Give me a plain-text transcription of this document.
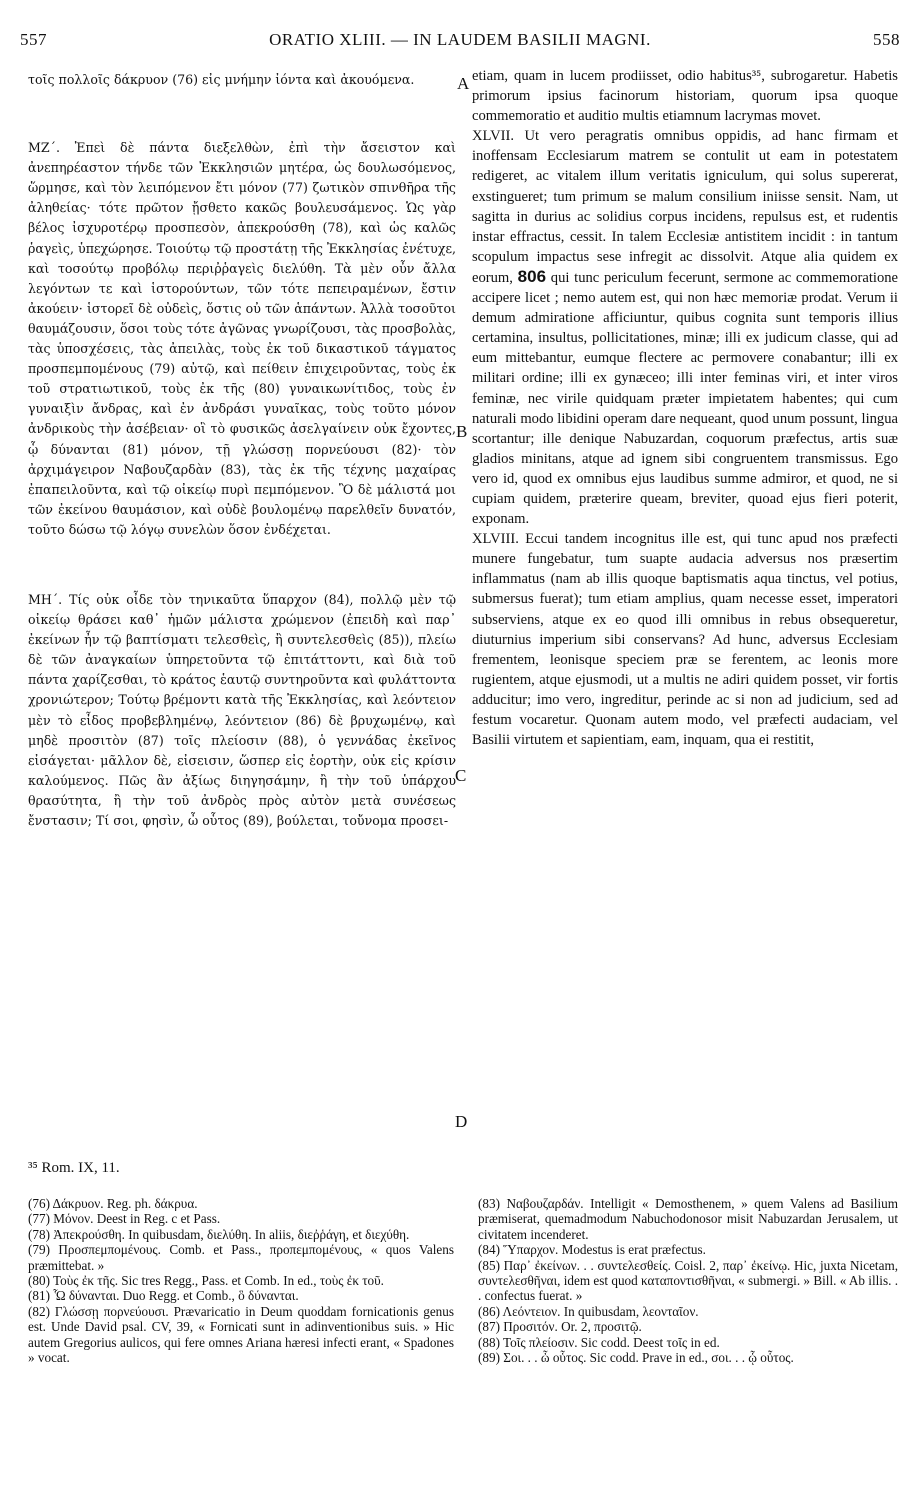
557	ORATIO XLIII. — IN LAUDEM BASILII MAGNI.	558
A
B
C
D

τοῖς πολλοῖς δάκρυον (76) εἰς μνήμην ἰόντα καὶ ἀκουόμενα.

ΜΖ΄. Ἐπεὶ δὲ πάντα διεξελθὼν, ἐπὶ τὴν ἄσειστον καὶ ἀνεπηρέαστον τήνδε τῶν Ἐκκλησιῶν μητέρα, ὡς δουλωσόμενος, ὥρμησε, καὶ τὸν λειπόμενον ἔτι μόνον (77) ζωτικὸν σπινθῆρα τῆς ἀληθείας· τότε πρῶτον ᾔσθετο κακῶς βουλευσάμενος. Ὡς γὰρ βέλος ἰσχυροτέρῳ προσπεσὸν, ἀπεκρούσθη (78), καὶ ὡς καλῶς ῥαγεὶς, ὑπεχώρησε. Τοιούτῳ τῷ προστάτῃ τῆς Ἐκκλησίας ἐνέτυχε, καὶ τοσούτῳ προβόλῳ περιῤῥαγεὶς διελύθη. Τὰ μὲν οὖν ἄλλα λεγόντων τε καὶ ἱστορούντων, τῶν τότε πεπειραμένων, ἔστιν ἀκούειν· ἱστορεῖ δὲ οὐδεὶς, ὅστις οὐ τῶν ἁπάντων. Ἀλλὰ τοσοῦτοι θαυμάζουσιν, ὅσοι τοὺς τότε ἀγῶνας γνωρίζουσι, τὰς προσβολὰς, τὰς ὑποσχέσεις, τὰς ἀπειλὰς, τοὺς ἐκ τοῦ δικαστικοῦ τάγματος προσπεμπομένους (79) αὐτῷ, καὶ πείθειν ἐπιχειροῦντας, τοὺς ἐκ τοῦ στρατιωτικοῦ, τοὺς ἐκ τῆς (80) γυναικωνίτιδος, τοὺς ἐν γυναιξὶν ἄνδρας, καὶ ἐν ἀνδράσι γυναῖκας, τοὺς τοῦτο μόνον ἀνδρικοὺς τὴν ἀσέβειαν· οἳ τὸ φυσικῶς ἀσελγαίνειν οὐκ ἔχοντες, ᾧ δύνανται (81) μόνον, τῇ γλώσσῃ πορνεύουσι (82)· τὸν ἀρχιμάγειρον Ναβουζαρδὰν (83), τὰς ἐκ τῆς τέχνης μαχαίρας ἐπαπειλοῦντα, καὶ τῷ οἰκείῳ πυρὶ πεμπόμενον. Ὃ δὲ μάλιστά μοι τῶν ἐκείνου θαυμάσιον, καὶ οὐδὲ βουλομένῳ παρελθεῖν δυνατόν, τοῦτο δώσω τῷ λόγῳ συνελὼν ὅσον ἐνδέχεται.

ΜΗ΄. Τίς οὐκ οἶδε τὸν τηνικαῦτα ὕπαρχον (84), πολλῷ μὲν τῷ οἰκείῳ θράσει καθ᾽ ἡμῶν μάλιστα χρώμενον (ἐπειδὴ καὶ παρ᾽ ἐκείνων ἦν τῷ βαπτίσματι τελεσθεὶς, ἢ συντελεσθεὶς (85)), πλείω δὲ τῶν ἀναγκαίων ὑπηρετοῦντα τῷ ἐπιτάττοντι, καὶ διὰ τοῦ πάντα χαρίζεσθαι, τὸ κράτος ἑαυτῷ συντηροῦντα καὶ φυλάττοντα χρονιώτερον; Τούτῳ βρέμοντι κατὰ τῆς Ἐκκλησίας, καὶ λεόντειον μὲν τὸ εἶδος προβεβλημένῳ, λεόντειον (86) δὲ βρυχωμένῳ, καὶ μηδὲ προσιτὸν (87) τοῖς πλείοσιν (88), ὁ γεννάδας ἐκεῖνος εἰσάγεται· μᾶλλον δὲ, εἰσεισιν, ὥσπερ εἰς ἑορτὴν, οὐκ εἰς κρίσιν καλούμενος. Πῶς ἂν ἀξίως διηγησάμην, ἢ τὴν τοῦ ὑπάρχου θρασύτητα, ἢ τὴν τοῦ ἀνδρὸς πρὸς αὐτὸν μετὰ συνέσεως ἔνστασιν; Τί σοι, φησὶν, ὦ οὗτος (89), βούλεται, τοὔνομα προσει-

etiam, quam in lucem prodiisset, odio habitus³⁵, subrogaretur. Habetis primorum ipsius facinorum historiam, quorum ipsa quoque commemoratio et auditio multis etiamnum lacrymas movet.

XLVII. Ut vero peragratis omnibus oppidis, ad hanc firmam et inoffensam Ecclesiarum matrem se contulit ut eam in potestatem redigeret, ac vitalem illum veritatis igniculum, qui solus supererat, exstingueret; tum primum se malum consilium iniisse sensit. Nam, ut sagitta in durius ac solidius corpus incidens, repulsus est, et rudentis instar effractus, cessit. In talem Ecclesiæ antistitem incidit : in tantum scopulum impactus sese infregit ac dissolvit. Atque alia quidem ex eorum, 806 qui tunc periculum fecerunt, sermone ac commemoratione accipere licet ; nemo autem est, qui non hæc memoriæ prodat. Verum ii demum admiratione afficiuntur, quibus cognita sunt temporis illius certamina, insultus, pollicitationes, minæ; illi ex judicum classe, qui ad eum mittebantur, eumque flectere ac permovere conabantur; illi ex militari ordine; illi ex gynæceo; illi inter feminas viri, et inter viros feminæ, nec virile quidquam præter impietatem habentes; qui cum naturali modo libidini operam dare nequeant, quod unum possunt, lingua scortantur; ille denique Nabuzardan, coquorum præfectus, artis suæ gladios minitans, atque ad ignem sibi congruentem transmissus. Ego vero id, quod ex omnibus ejus laudibus summe admiror, et quod, ne si cupiam quidem, præterire queam, breviter, quoad ejus fieri poterit, exponam.

XLVIII. Eccui tandem incognitus ille est, qui tunc apud nos præfecti munere fungebatur, tum suapte audacia adversus nos præsertim inflammatus (nam ab illis quoque baptismatis aqua tinctus, vel potius, submersus fuerat); tum etiam amplius, quam necesse esset, imperatori subserviens, atque ex eo quod illi omnibus in rebus obsequeretur, diuturnius imperium sibi conservans? Ad hunc, adversus Ecclesiam frementem, leonisque speciem præ se ferentem, ac leonis more rugientem, atque ejusmodi, ut a multis ne adiri quidem posset, vir fortis adducitur; imo vero, ingreditur, perinde ac si non ad judicium, sed ad festum vocaretur. Quonam autem modo, vel præfecti audaciam, vel Basilii virtutem et sapientiam, eam, inquam, qua ei restitit,

³⁵ Rom. IX, 11.

(76) Δάκρυον. Reg. ph. δάκρυα.

(77) Μόνον. Deest in Reg. c et Pass.

(78) Ἀπεκρούσθη. In quibusdam, διελύθη. In aliis, διεῤῥάγη, et διεχύθη.

(79) Προσπεμπομένους. Comb. et Pass., προπεμπομένους, « quos Valens præmittebat. »

(80) Τοὺς ἐκ τῆς. Sic tres Regg., Pass. et Comb. In ed., τοὺς ἐκ τοῦ.

(81) Ὧ δύνανται. Duo Regg. et Comb., ὃ δύνανται.

(82) Γλώσσῃ πορνεύουσι. Prævaricatio in Deum quoddam fornicationis genus est. Unde David psal. CV, 39, « Fornicati sunt in adinventionibus suis. » Hic autem Gregorius aulicos, qui fere omnes Ariana hæresi infecti erant, « Spadones » vocat.

(83) Ναβουζαρδάν. Intelligit « Demosthenem, » quem Valens ad Basilium præmiserat, quemadmodum Nabuchodonosor misit Nabuzardan Jerusalem, ut civitatem incenderet.

(84) Ὕπαρχον. Modestus is erat præfectus.

(85) Παρ᾽ ἐκείνων. . . συντελεσθείς. Coisl. 2, παρ᾽ ἐκείνῳ. Hic, juxta Nicetam, συντελεσθῆναι, idem est quod καταποντισθῆναι, « submergi. » Bill. « Ab illis. . . confectus fuerat. »

(86) Λεόντειον. In quibusdam, λεονταῖον.

(87) Προσιτόν. Or. 2, προσιτῷ.

(88) Τοῖς πλείοσιν. Sic codd. Deest τοῖς in ed.

(89) Σοι. . . ὦ οὗτος. Sic codd. Prave in ed., σοι. . . ᾧ οὗτος.
